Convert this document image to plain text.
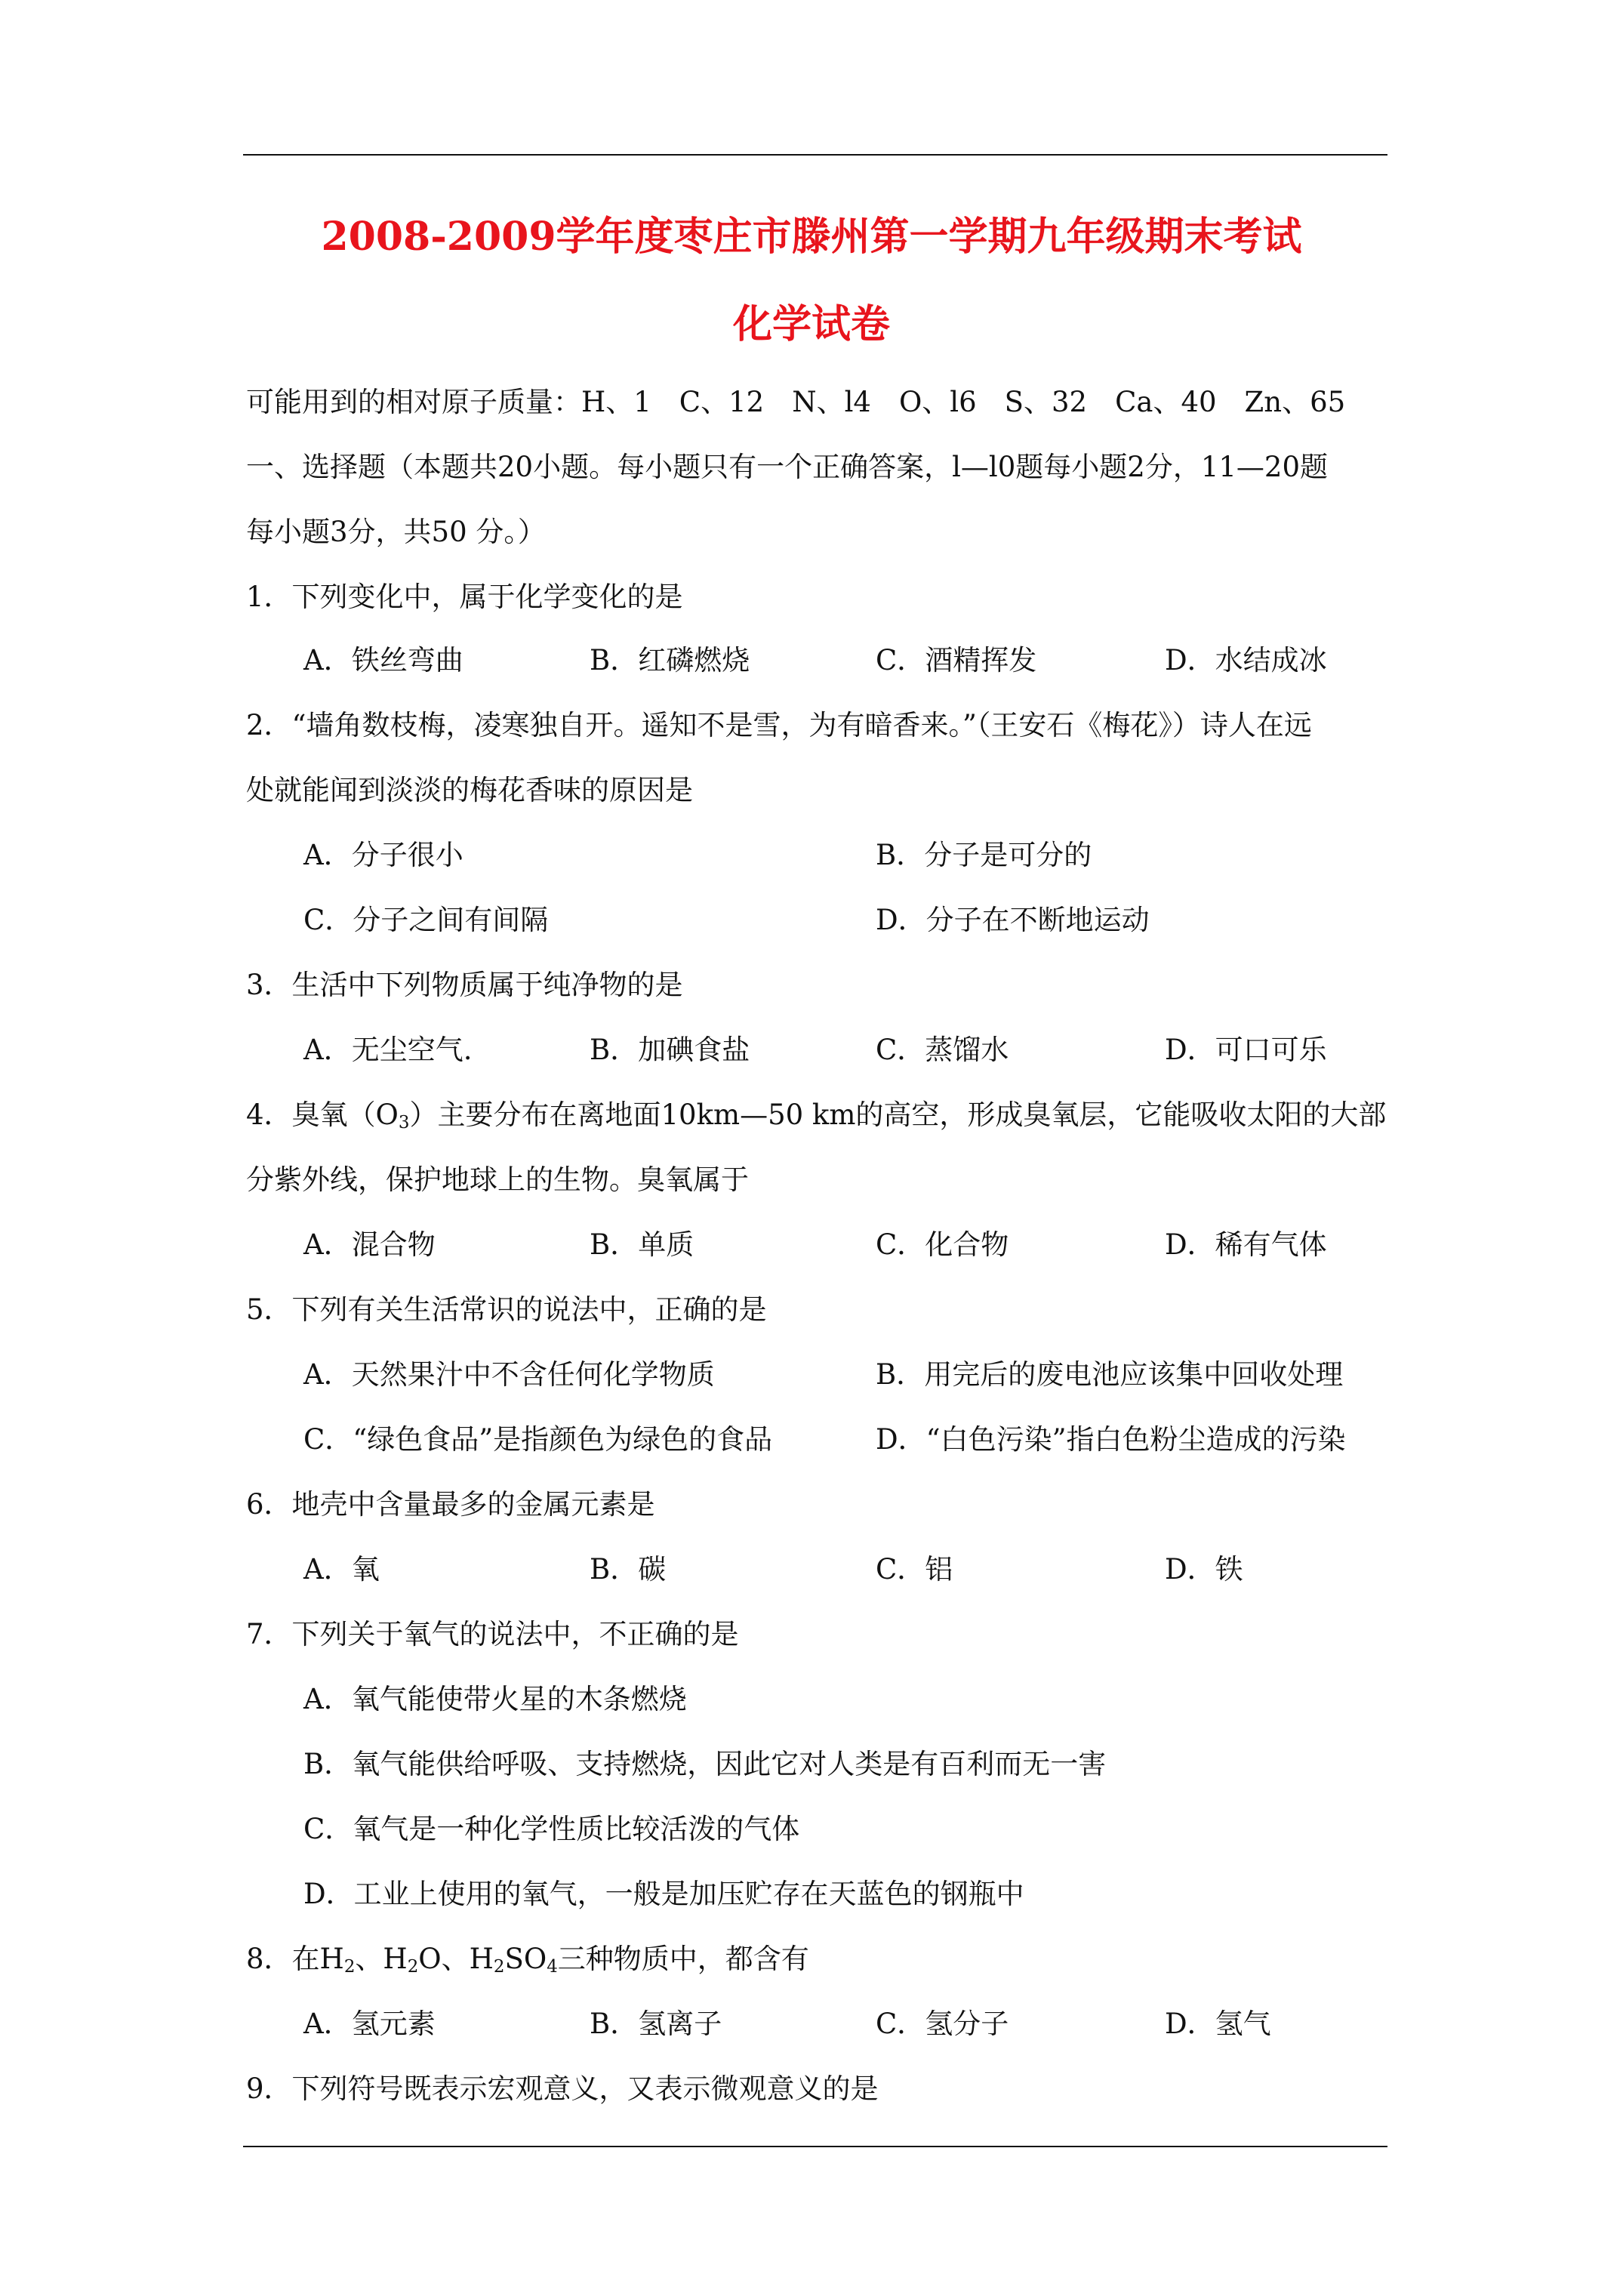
2008-2009学年度枣庄市滕州第一学期九年级期末考试
化学试卷
可能用到的相对原子质量：H、1　C、12　N、l4　O、l6　S、32　Ca、40　Zn、65
一、选择题（本题共20小题。每小题只有一个正确答案，l—l0题每小题2分，11—20题
每小题3分，共50 分。）
1．下列变化中，属于化学变化的是
A．铁丝弯曲	B．红磷燃烧	C．酒精挥发	D．水结成冰
2．“墙角数枝梅，凌寒独自开。遥知不是雪，为有暗香来。”（王安石《梅花》）诗人在远
处就能闻到淡淡的梅花香味的原因是
A．分子很小	B．分子是可分的
C．分子之间有间隔	D．分子在不断地运动
3．生活中下列物质属于纯净物的是
A．无尘空气.	B．加碘食盐	C．蒸馏水	D．可口可乐
4．臭氧$(O_3)$主要分布在离地面10km—50 km的高空，形成臭氧层，它能吸收太阳的大部
分紫外线，保护地球上的生物。臭氧属于
A．混合物	B．单质	C．化合物	D．稀有气体
5．下列有关生活常识的说法中，正确的是
A．天然果汁中不含任何化学物质	B．用完后的废电池应该集中回收处理
C．“绿色食品”是指颜色为绿色的食品	D．“白色污染”指白色粉尘造成的污染
6．地壳中含量最多的金属元素是
A．氧	B．碳	C．铝	D．铁
7．下列关于氧气的说法中，不正确的是
A．氧气能使带火星的木条燃烧
B．氧气能供给呼吸、支持燃烧，因此它对人类是有百利而无一害
C．氧气是一种化学性质比较活泼的气体
D．工业上使用的氧气，一般是加压贮存在天蓝色的钢瓶中
8．在$H_2$、$H_2O$、$H_2SO_4$三种物质中，都含有
A．氢元素	B．氢离子	C．氢分子	D．氢气
9．下列符号既表示宏观意义，又表示微观意义的是
